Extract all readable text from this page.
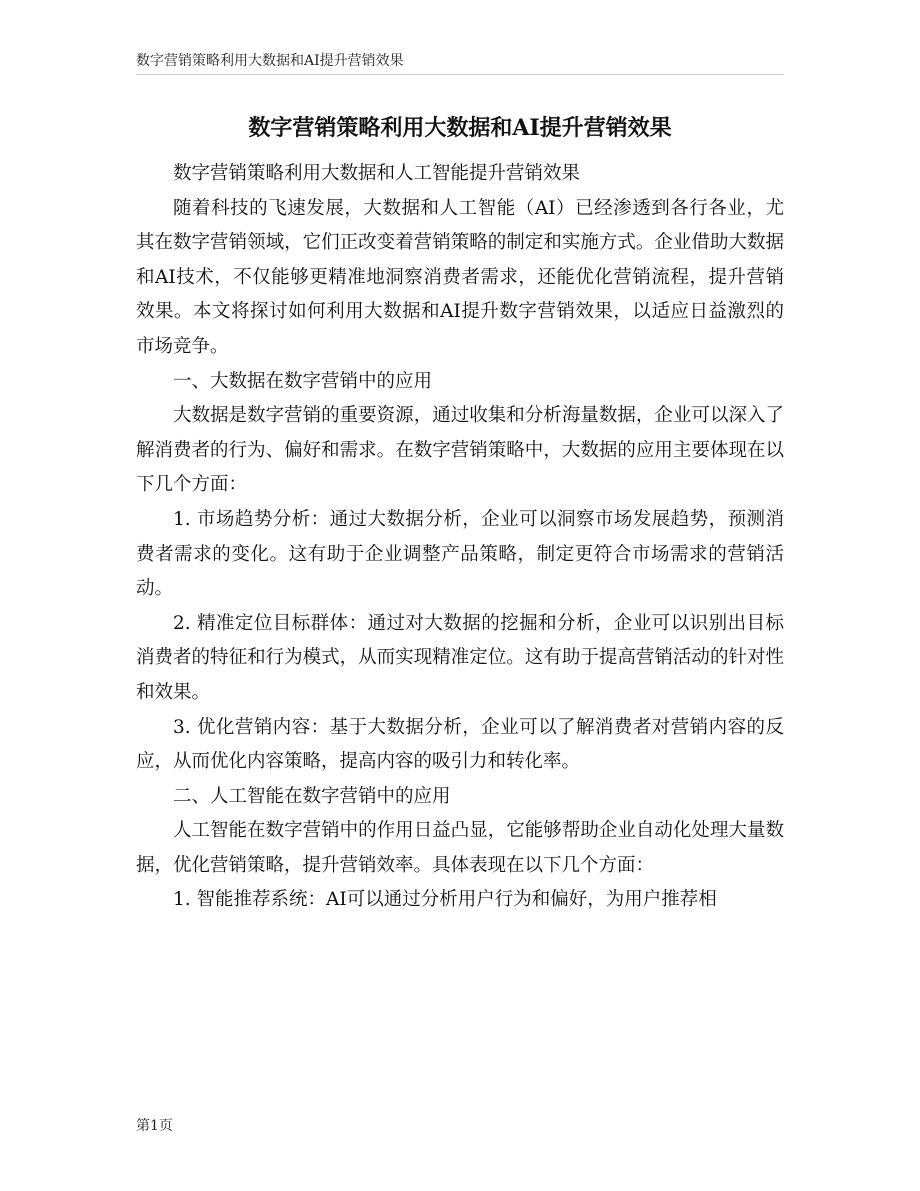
数字营销策略利用大数据和AI提升营销效果
数字营销策略利用大数据和AI提升营销效果

数字营销策略利用大数据和人工智能提升营销效果

随着科技的飞速发展，大数据和人工智能（AI）已经渗透到各行各业，尤其在数字营销领域，它们正改变着营销策略的制定和实施方式。企业借助大数据和AI技术，不仅能够更精准地洞察消费者需求，还能优化营销流程，提升营销效果。本文将探讨如何利用大数据和AI提升数字营销效果，以适应日益激烈的市场竞争。

一、大数据在数字营销中的应用

大数据是数字营销的重要资源，通过收集和分析海量数据，企业可以深入了解消费者的行为、偏好和需求。在数字营销策略中，大数据的应用主要体现在以下几个方面：

1. 市场趋势分析：通过大数据分析，企业可以洞察市场发展趋势，预测消费者需求的变化。这有助于企业调整产品策略，制定更符合市场需求的营销活动。

2. 精准定位目标群体：通过对大数据的挖掘和分析，企业可以识别出目标消费者的特征和行为模式，从而实现精准定位。这有助于提高营销活动的针对性和效果。

3. 优化营销内容：基于大数据分析，企业可以了解消费者对营销内容的反应，从而优化内容策略，提高内容的吸引力和转化率。

二、人工智能在数字营销中的应用

人工智能在数字营销中的作用日益凸显，它能够帮助企业自动化处理大量数据，优化营销策略，提升营销效率。具体表现在以下几个方面：

1. 智能推荐系统：AI可以通过分析用户行为和偏好，为用户推荐相

第1页
